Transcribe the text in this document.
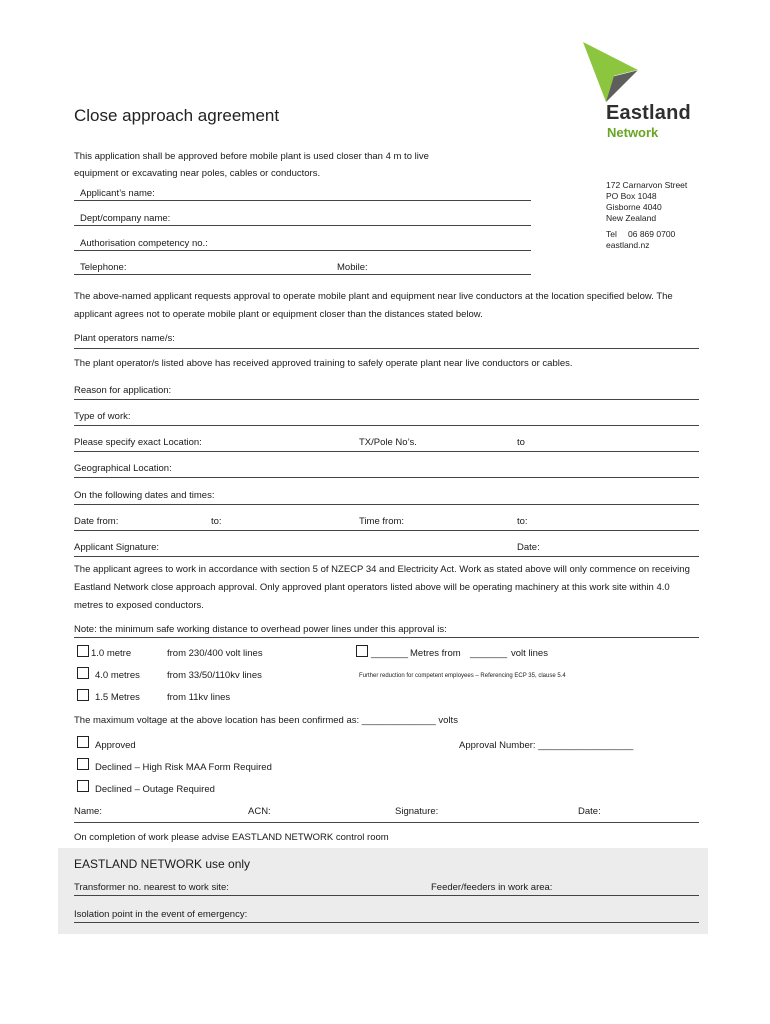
Eastland
Network
Close approach agreement
This application shall be approved before mobile plant is used closer than 4 m to live equipment or excavating near poles, cables or conductors.
172 Carnarvon Street
PO Box 1048
Gisborne 4040
New Zealand
Tel 06 869 0700
eastland.nz
Applicant’s name:
Dept/company name:
Authorisation competency no.:
Telephone:	Mobile:
The above-named applicant requests approval to operate mobile plant and equipment near live conductors at the location specified below. The applicant agrees not to operate mobile plant or equipment closer than the distances stated below.
Plant operators name/s:
The plant operator/s listed above has received approved training to safely operate plant near live conductors or cables.
Reason for application:
Type of work:
Please specify exact Location:	TX/Pole No’s.	to
Geographical Location:
On the following dates and times:
Date from:	to:	Time from:	to:
Applicant Signature:	Date:
The applicant agrees to work in accordance with section 5 of NZECP 34 and Electricity Act. Work as stated above will only commence on receiving Eastland Network close approach approval. Only approved plant operators listed above will be operating machinery at this work site within 4.0 metres to exposed conductors.
Note: the minimum safe working distance to overhead power lines under this approval is:
1.0 metre	from 230/400 volt lines	_______ Metres from _______ volt lines
4.0 metres	from 33/50/110kv lines	Further reduction for competent employees – Referencing ECP 35, clause 5.4
1.5 Metres	from 11kv lines
The maximum voltage at the above location has been confirmed as: ______________ volts
Approved	Approval Number: __________________
Declined – High Risk MAA Form Required
Declined – Outage Required
Name:	ACN:	Signature:	Date:
On completion of work please advise EASTLAND NETWORK control room
EASTLAND NETWORK use only
Transformer no. nearest to work site:	Feeder/feeders in work area:
Isolation point in the event of emergency:
